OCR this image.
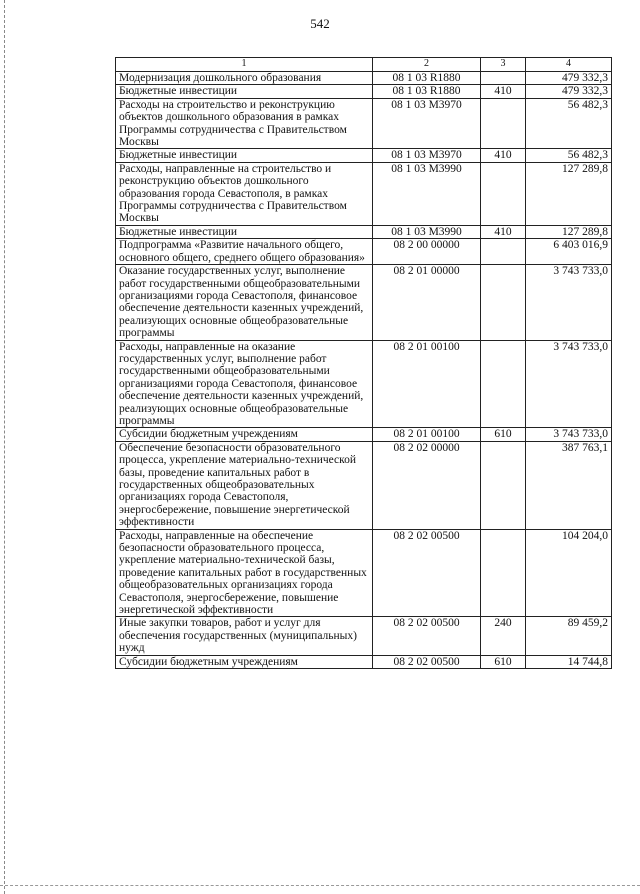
542
1	2	3	4
Модернизация дошкольного образования	08 1 03 R1880		479 332,3
Бюджетные инвестиции	08 1 03 R1880	410	479 332,3
Расходы на строительство и реконструкцию объектов дошкольного образования в рамках Программы сотрудничества с Правительством Москвы	08 1 03 М3970		56 482,3
Бюджетные инвестиции	08 1 03 М3970	410	56 482,3
Расходы, направленные на строительство и реконструкцию объектов дошкольного образования города Севастополя, в рамках Программы сотрудничества с Правительством Москвы	08 1 03 М3990		127 289,8
Бюджетные инвестиции	08 1 03 М3990	410	127 289,8
Подпрограмма «Развитие начального общего, основного общего, среднего общего образования»	08 2 00 00000		6 403 016,9
Оказание государственных услуг, выполнение работ государственными общеобразовательными организациями города Севастополя, финансовое обеспечение деятельности казенных учреждений, реализующих основные общеобразовательные программы	08 2 01 00000		3 743 733,0
Расходы, направленные на оказание государственных услуг, выполнение работ государственными общеобразовательными организациями города Севастополя, финансовое обеспечение деятельности казенных учреждений, реализующих основные общеобразовательные программы	08 2 01 00100		3 743 733,0
Субсидии бюджетным учреждениям	08 2 01 00100	610	3 743 733,0
Обеспечение безопасности образовательного процесса, укрепление материально-технической базы, проведение капитальных работ в государственных общеобразовательных организациях города Севастополя, энергосбережение, повышение энергетической эффективности	08 2 02 00000		387 763,1
Расходы, направленные на обеспечение безопасности образовательного процесса, укрепление материально-технической базы, проведение капитальных работ в государственных общеобразовательных организациях города Севастополя, энергосбережение, повышение энергетической эффективности	08 2 02 00500		104 204,0
Иные закупки товаров, работ и услуг для обеспечения государственных (муниципальных) нужд	08 2 02 00500	240	89 459,2
Субсидии бюджетным учреждениям	08 2 02 00500	610	14 744,8
